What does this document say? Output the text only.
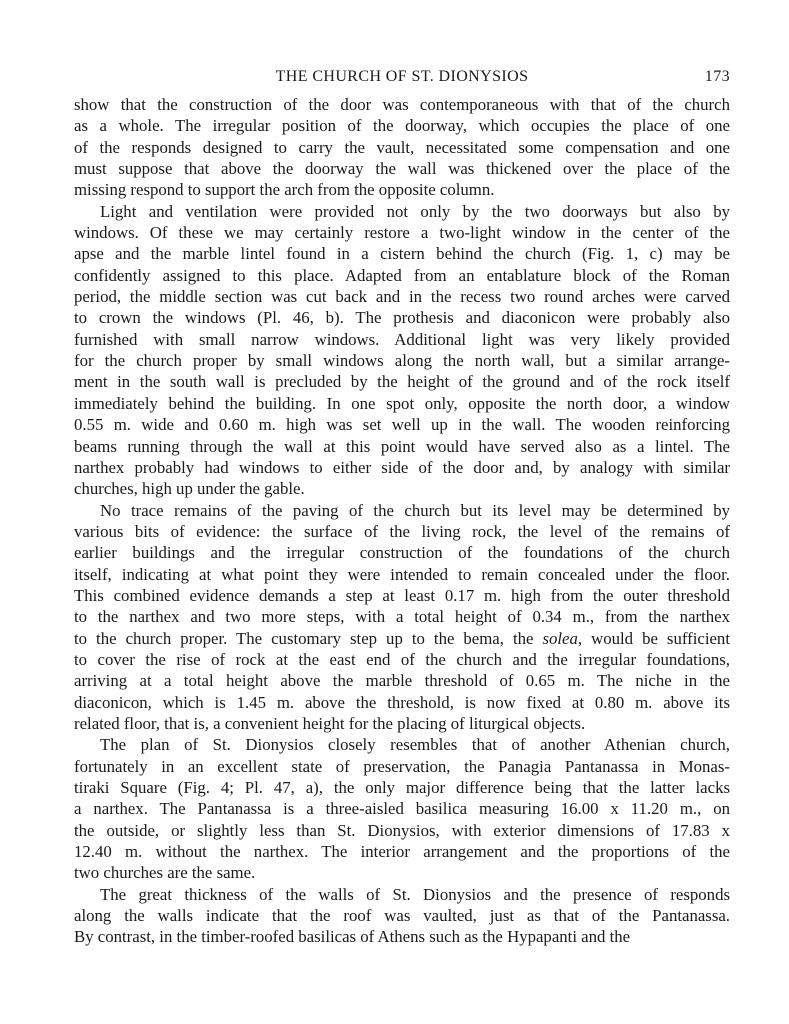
THE CHURCH OF ST. DIONYSIOS	173

show that the construction of the door was contemporaneous with that of the church
as a whole. The irregular position of the doorway, which occupies the place of one
of the responds designed to carry the vault, necessitated some compensation and one
must suppose that above the doorway the wall was thickened over the place of the
missing respond to support the arch from the opposite column.

Light and ventilation were provided not only by the two doorways but also by
windows. Of these we may certainly restore a two-light window in the center of the
apse and the marble lintel found in a cistern behind the church (Fig. 1, c) may be
confidently assigned to this place. Adapted from an entablature block of the Roman
period, the middle section was cut back and in the recess two round arches were carved
to crown the windows (Pl. 46, b). The prothesis and diaconicon were probably also
furnished with small narrow windows. Additional light was very likely provided
for the church proper by small windows along the north wall, but a similar arrange-
ment in the south wall is precluded by the height of the ground and of the rock itself
immediately behind the building. In one spot only, opposite the north door, a window
0.55 m. wide and 0.60 m. high was set well up in the wall. The wooden reinforcing
beams running through the wall at this point would have served also as a lintel. The
narthex probably had windows to either side of the door and, by analogy with similar
churches, high up under the gable.

No trace remains of the paving of the church but its level may be determined by
various bits of evidence: the surface of the living rock, the level of the remains of
earlier buildings and the irregular construction of the foundations of the church
itself, indicating at what point they were intended to remain concealed under the floor.
This combined evidence demands a step at least 0.17 m. high from the outer threshold
to the narthex and two more steps, with a total height of 0.34 m., from the narthex
to the church proper. The customary step up to the bema, the solea, would be sufficient
to cover the rise of rock at the east end of the church and the irregular foundations,
arriving at a total height above the marble threshold of 0.65 m. The niche in the
diaconicon, which is 1.45 m. above the threshold, is now fixed at 0.80 m. above its
related floor, that is, a convenient height for the placing of liturgical objects.

The plan of St. Dionysios closely resembles that of another Athenian church,
fortunately in an excellent state of preservation, the Panagia Pantanassa in Monas-
tiraki Square (Fig. 4; Pl. 47, a), the only major difference being that the latter lacks
a narthex. The Pantanassa is a three-aisled basilica measuring 16.00 x 11.20 m., on
the outside, or slightly less than St. Dionysios, with exterior dimensions of 17.83 x
12.40 m. without the narthex. The interior arrangement and the proportions of the
two churches are the same.

The great thickness of the walls of St. Dionysios and the presence of responds
along the walls indicate that the roof was vaulted, just as that of the Pantanassa.
By contrast, in the timber-roofed basilicas of Athens such as the Hypapanti and the
